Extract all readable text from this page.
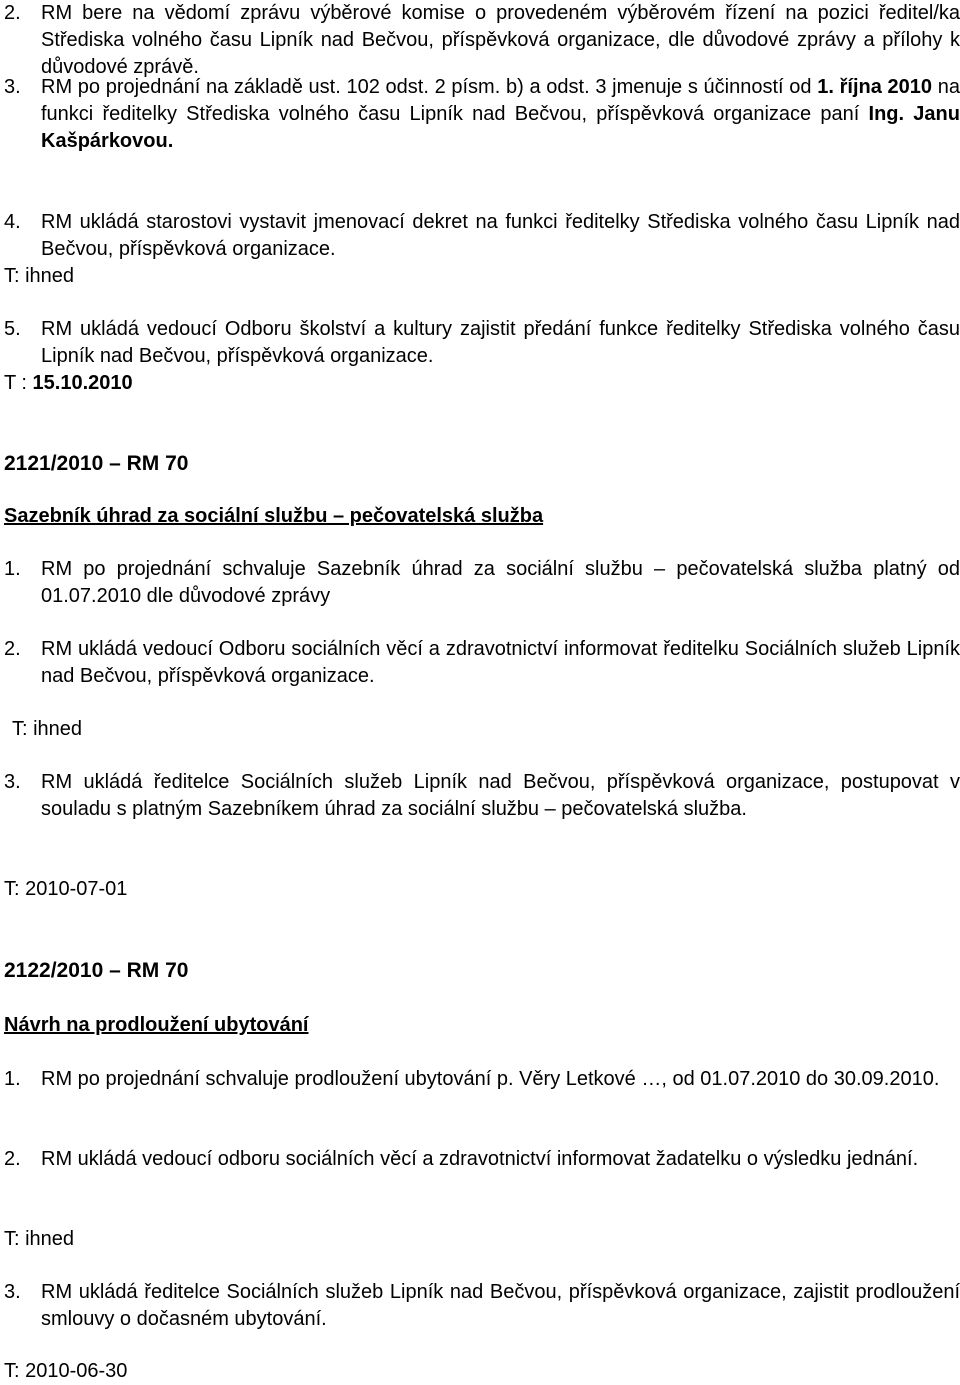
2. RM bere na vědomí zprávu výběrové komise o provedeném výběrovém řízení na pozici ředitel/ka Střediska volného času Lipník nad Bečvou, příspěvková organizace, dle důvodové zprávy a přílohy k důvodové zprávě.
3. RM po projednání na základě ust. 102 odst. 2 písm. b) a odst. 3 jmenuje s účinností od 1. října 2010 na funkci ředitelky Střediska volného času Lipník nad Bečvou, příspěvková organizace paní Ing. Janu Kašpárkovou.
4. RM ukládá starostovi vystavit jmenovací dekret na funkci ředitelky Střediska volného času Lipník nad Bečvou, příspěvková organizace.
T: ihned
5. RM ukládá vedoucí Odboru školství a kultury zajistit předání funkce ředitelky Střediska volného času Lipník nad Bečvou, příspěvková organizace.
T : 15.10.2010
2121/2010 – RM 70
Sazebník úhrad za sociální službu – pečovatelská služba
1. RM po projednání schvaluje Sazebník úhrad za sociální službu – pečovatelská služba platný od 01.07.2010 dle důvodové zprávy
2. RM ukládá vedoucí Odboru sociálních věcí a zdravotnictví informovat ředitelku Sociálních služeb Lipník nad Bečvou, příspěvková organizace.
T: ihned
3. RM ukládá ředitelce Sociálních služeb Lipník nad Bečvou, příspěvková organizace, postupovat v souladu s platným Sazebníkem úhrad za sociální službu – pečovatelská služba.
T: 2010-07-01
2122/2010 – RM 70
Návrh na prodloužení ubytování
1. RM po projednání schvaluje prodloužení ubytování p. Věry Letkové …, od 01.07.2010 do 30.09.2010.
2. RM ukládá vedoucí odboru sociálních věcí a zdravotnictví informovat žadatelku o výsledku jednání.
T: ihned
3. RM ukládá ředitelce Sociálních služeb Lipník nad Bečvou, příspěvková organizace, zajistit prodloužení smlouvy o dočasném ubytování.
T: 2010-06-30
